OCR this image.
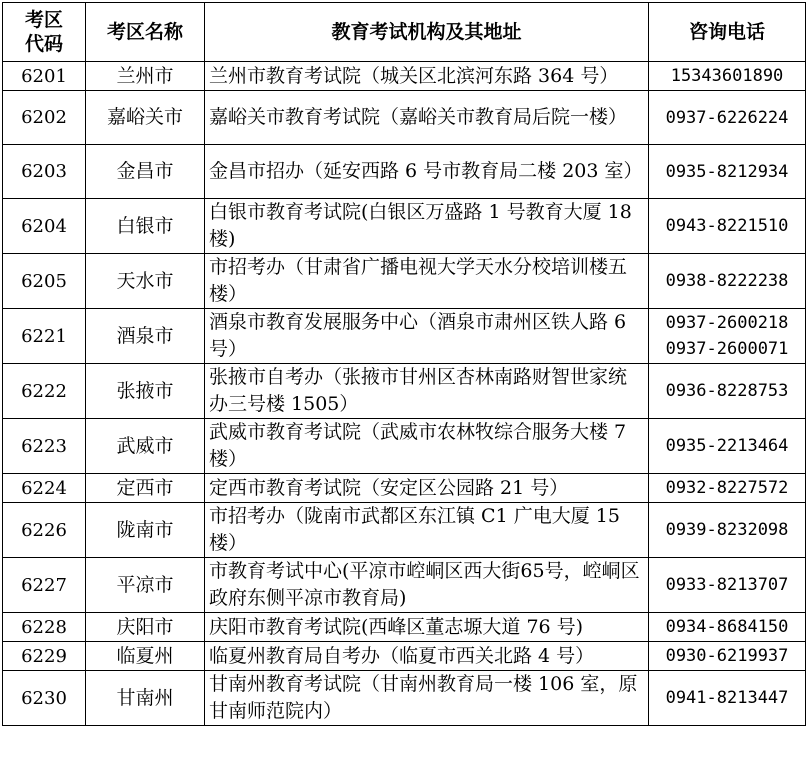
考区代码	考区名称	教育考试机构及其地址	咨询电话
6201	兰州市	兰州市教育考试院（城关区北滨河东路 364 号）	15343601890

6202	嘉峪关市	嘉峪关市教育考试院（嘉峪关市教育局后院一楼）	0937-6226224

6203	金昌市	金昌市招办（延安西路 6 号市教育局二楼 203 室）	0935-8212934

6204	白银市	白银市教育考试院(白银区万盛路 1 号教育大厦 18 楼)	0943-8221510

6205	天水市	市招考办（甘肃省广播电视大学天水分校培训楼五楼）	0938-8222238

6221	酒泉市	酒泉市教育发展服务中心（酒泉市肃州区铁人路 6 号）	0937-2600218
0937-2600071

6222	张掖市	张掖市自考办（张掖市甘州区杏林南路财智世家统办三号楼 1505）	0936-8228753

6223	武威市	武威市教育考试院（武威市农林牧综合服务大楼 7 楼）	0935-2213464

6224	定西市	定西市教育考试院（安定区公园路 21 号）	0932-8227572

6226	陇南市	市招考办（陇南市武都区东江镇 C1 广电大厦 15 楼）	0939-8232098

6227	平凉市	市教育考试中心(平凉市崆峒区西大街65号，崆峒区政府东侧平凉市教育局)	0933-8213707

6228	庆阳市	庆阳市教育考试院(西峰区董志塬大道 76 号)	0934-8684150

6229	临夏州	临夏州教育局自考办（临夏市西关北路 4 号）	0930-6219937

6230	甘南州	甘南州教育考试院（甘南州教育局一楼 106 室，原甘南师范院内）	0941-8213447
